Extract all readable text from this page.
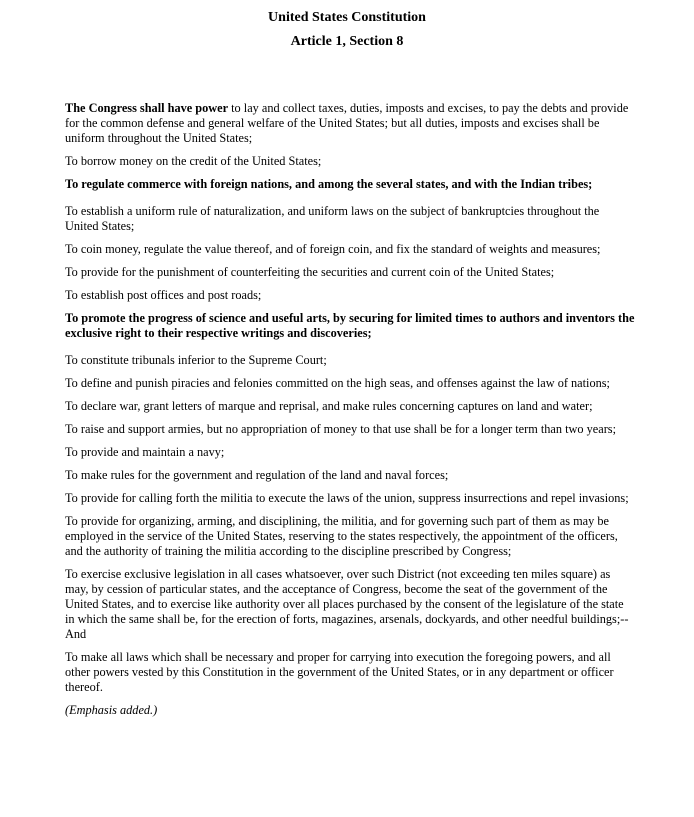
United States Constitution
Article 1, Section 8

The Congress shall have power to lay and collect taxes, duties, imposts and excises, to pay the debts and provide for the common defense and general welfare of the United States; but all duties, imposts and excises shall be uniform throughout the United States;

To borrow money on the credit of the United States;

To regulate commerce with foreign nations, and among the several states, and with the Indian tribes;

To establish a uniform rule of naturalization, and uniform laws on the subject of bankruptcies throughout the United States;

To coin money, regulate the value thereof, and of foreign coin, and fix the standard of weights and measures;

To provide for the punishment of counterfeiting the securities and current coin of the United States;

To establish post offices and post roads;

To promote the progress of science and useful arts, by securing for limited times to authors and inventors the exclusive right to their respective writings and discoveries;

To constitute tribunals inferior to the Supreme Court;

To define and punish piracies and felonies committed on the high seas, and offenses against the law of nations;

To declare war, grant letters of marque and reprisal, and make rules concerning captures on land and water;

To raise and support armies, but no appropriation of money to that use shall be for a longer term than two years;

To provide and maintain a navy;

To make rules for the government and regulation of the land and naval forces;

To provide for calling forth the militia to execute the laws of the union, suppress insurrections and repel invasions;

To provide for organizing, arming, and disciplining, the militia, and for governing such part of them as may be employed in the service of the United States, reserving to the states respectively, the appointment of the officers, and the authority of training the militia according to the discipline prescribed by Congress;

To exercise exclusive legislation in all cases whatsoever, over such District (not exceeding ten miles square) as may, by cession of particular states, and the acceptance of Congress, become the seat of the government of the United States, and to exercise like authority over all places purchased by the consent of the legislature of the state in which the same shall be, for the erection of forts, magazines, arsenals, dockyards, and other needful buildings;--And

To make all laws which shall be necessary and proper for carrying into execution the foregoing powers, and all other powers vested by this Constitution in the government of the United States, or in any department or officer thereof.

(Emphasis added.)
